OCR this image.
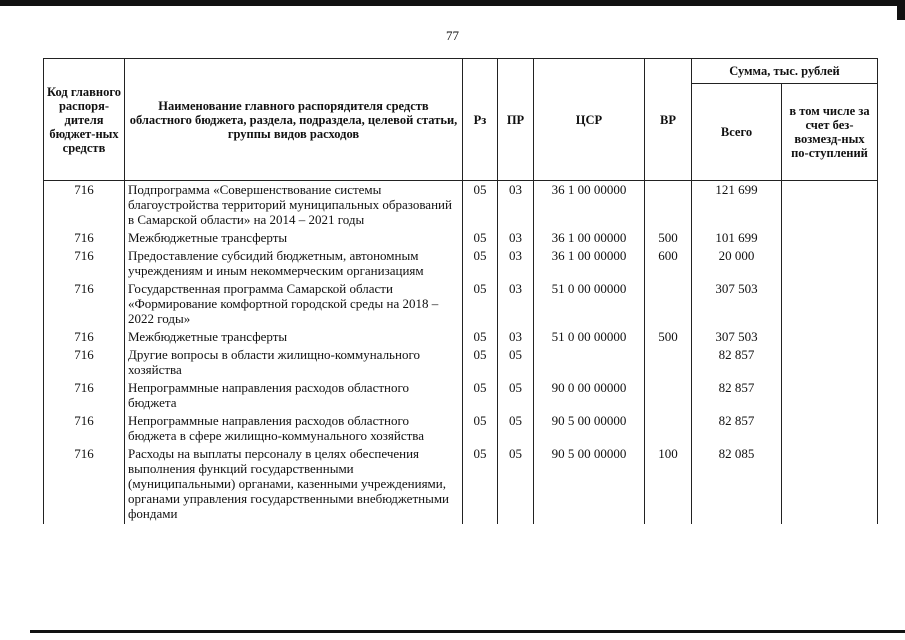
77
Код главного распоря-дителя бюджет-ных средств	Наименование главного распорядителя средств областного бюджета, раздела, подраздела, целевой статьи, группы видов расходов	Рз	ПР	ЦСР	ВР	Сумма, тыс. рублей	
						Всего	в том числе за счет без-возмезд-ных по-ступлений
716	Подпрограмма «Совершенствование системы благоустройства территорий муниципальных образований в Самарской области» на 2014 – 2021 годы	05	03	36 1 00 00000		121 699	
716	Межбюджетные трансферты	05	03	36 1 00 00000	500	101 699	
716	Предоставление субсидий бюджетным, автономным учреждениям и иным некоммерческим организациям	05	03	36 1 00 00000	600	20 000	
716	Государственная программа Самарской области «Формирование комфортной городской среды на 2018 – 2022 годы»	05	03	51 0 00 00000		307 503	
716	Межбюджетные трансферты	05	03	51 0 00 00000	500	307 503	
716	Другие вопросы в области жилищно-коммунального хозяйства	05	05			82 857	
716	Непрограммные направления расходов областного бюджета	05	05	90 0 00 00000		82 857	
716	Непрограммные направления расходов областного бюджета в сфере жилищно-коммунального хозяйства	05	05	90 5 00 00000		82 857	
716	Расходы на выплаты персоналу в целях обеспечения выполнения функций государственными (муниципальными) органами, казенными учреждениями, органами управления государственными внебюджетными фондами	05	05	90 5 00 00000	100	82 085	
